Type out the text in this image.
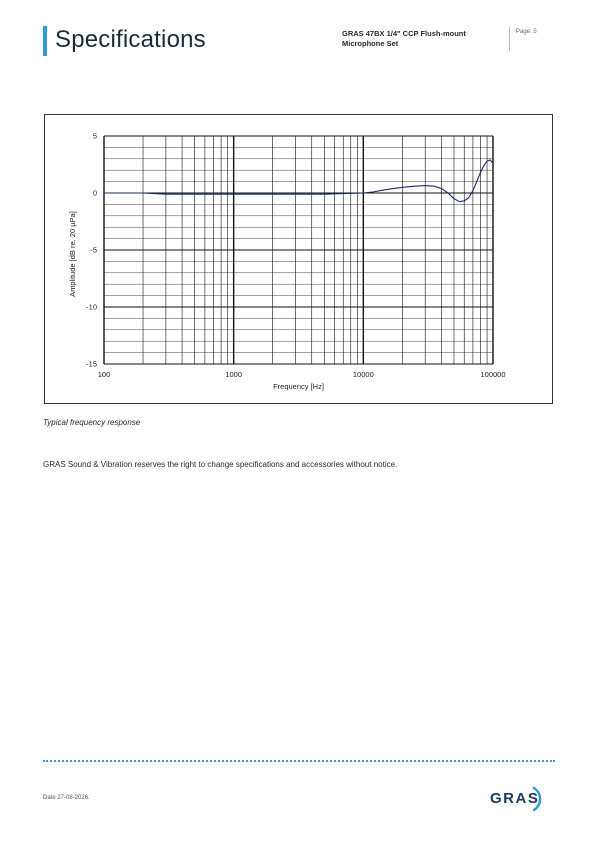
Specifications	GRAS 47BX 1/4" CCP Flush-mount Microphone Set
Page: 5
5
0
-5
-10
-15
100	1000	10000	100000
Frequency [Hz]
Amplitude [dB re. 20 µPa]
Typical frequency response
GRAS Sound & Vibration reserves the right to change specifications and accessories without notice.
Date 27-08-2026.	GRAS
